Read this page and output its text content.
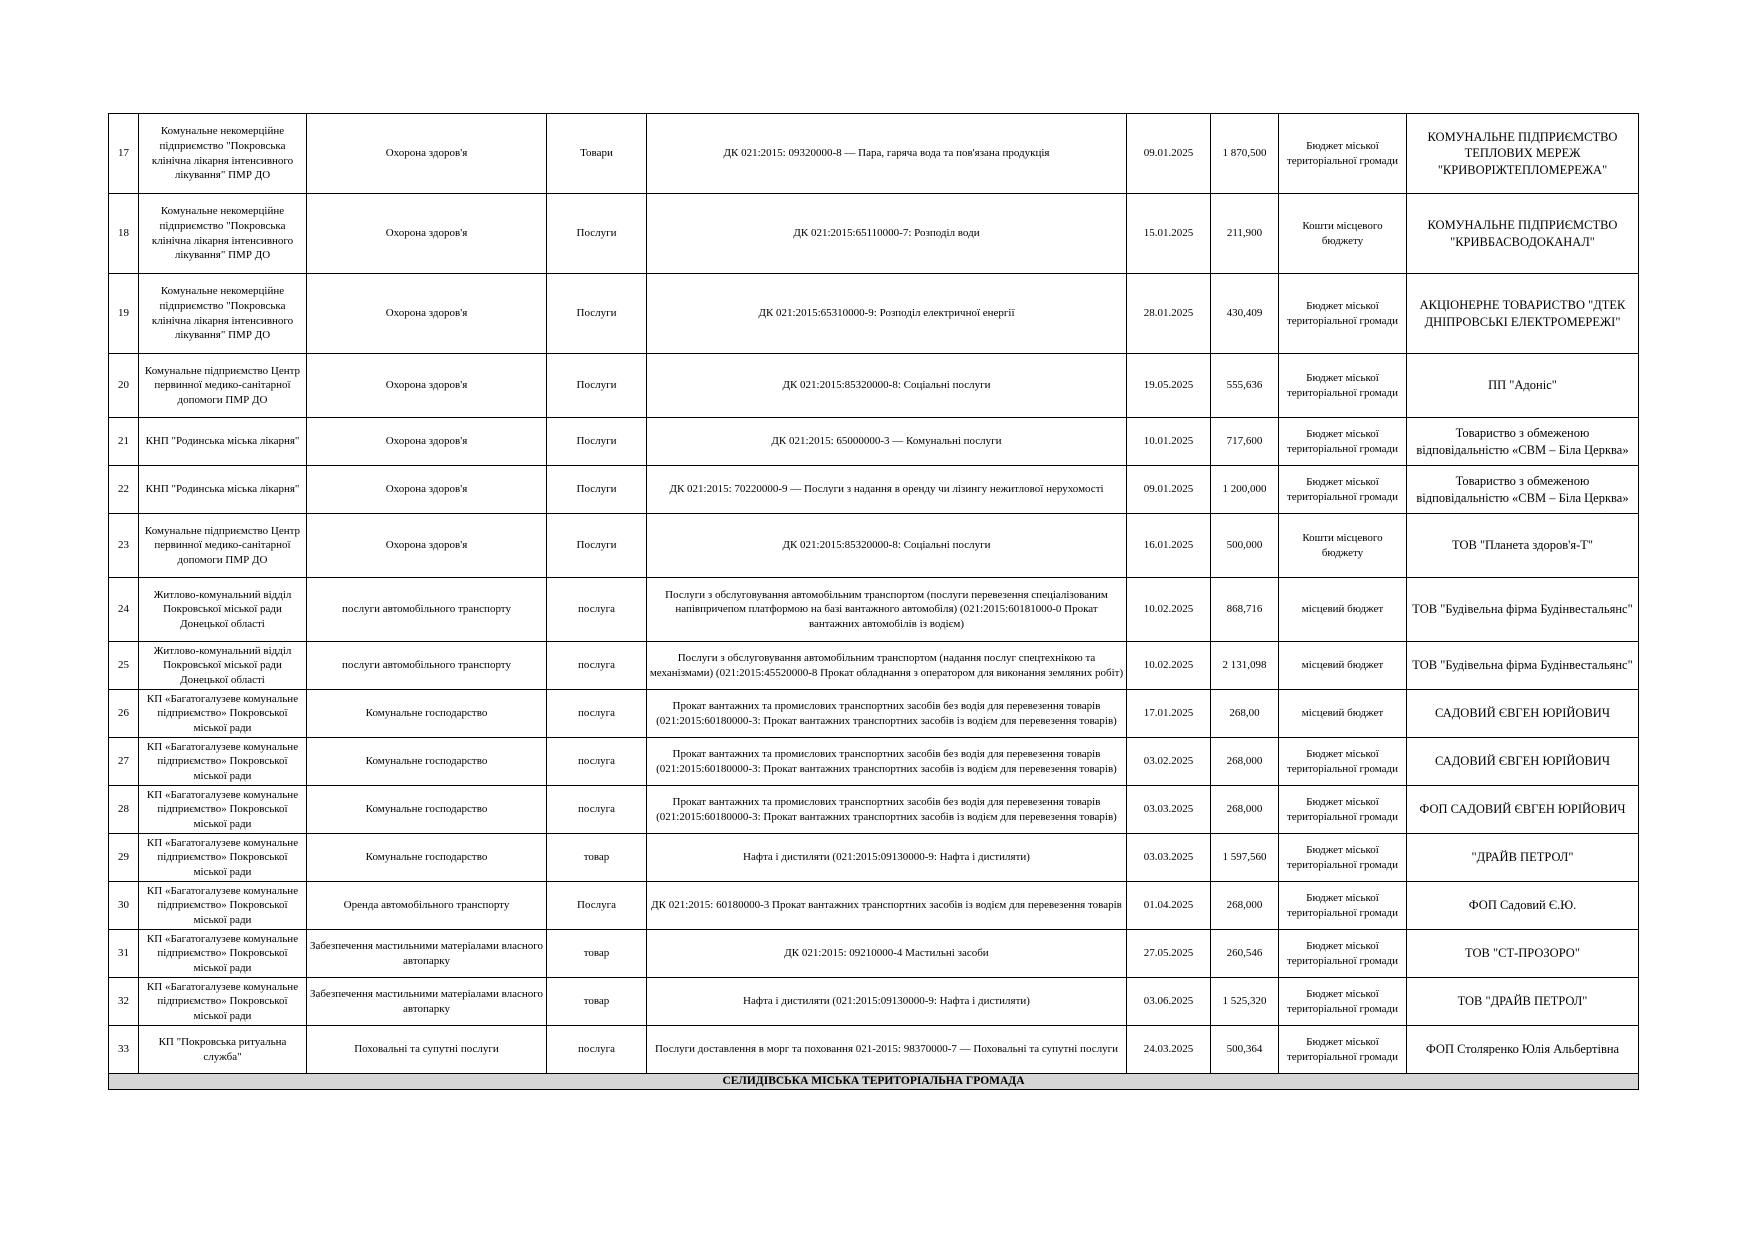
17	Комунальне некомерційне підприємство "Покровська клінічна лікарня інтенсивного лікування" ПМР ДО	Охорона здоров'я	Товари	ДК 021:2015: 09320000-8 — Пара, гаряча вода та пов'язана продукція	09.01.2025	1 870,500	Бюджет міської територіальної громади	КОМУНАЛЬНЕ ПІДПРИЄМСТВО ТЕПЛОВИХ МЕРЕЖ "КРИВОРІЖТЕПЛОМЕРЕЖА"
18	Комунальне некомерційне підприємство "Покровська клінічна лікарня інтенсивного лікування" ПМР ДО	Охорона здоров'я	Послуги	ДК 021:2015:65110000-7: Розподіл води	15.01.2025	211,900	Кошти місцевого бюджету	КОМУНАЛЬНЕ ПІДПРИЄМСТВО "КРИВБАСВОДОКАНАЛ"
19	Комунальне некомерційне підприємство "Покровська клінічна лікарня інтенсивного лікування" ПМР ДО	Охорона здоров'я	Послуги	ДК 021:2015:65310000-9: Розподіл електричної енергії	28.01.2025	430,409	Бюджет міської територіальної громади	АКЦІОНЕРНЕ ТОВАРИСТВО "ДТЕК ДНІПРОВСЬКІ ЕЛЕКТРОМЕРЕЖІ"
20	Комунальне підприємство Центр первинної медико-санітарної допомоги ПМР ДО	Охорона здоров'я	Послуги	ДК 021:2015:85320000-8: Соціальні послуги	19.05.2025	555,636	Бюджет міської територіальної громади	ПП "Адоніс"
21	КНП "Родинська міська лікарня"	Охорона здоров'я	Послуги	ДК 021:2015: 65000000-3 — Комунальні послуги	10.01.2025	717,600	Бюджет міської територіальної громади	Товариство з обмеженою відповідальністю «СВМ – Біла Церква»
22	КНП "Родинська міська лікарня"	Охорона здоров'я	Послуги	ДК 021:2015: 70220000-9 — Послуги з надання в оренду чи лізингу нежитлової нерухомості	09.01.2025	1 200,000	Бюджет міської територіальної громади	Товариство з обмеженою відповідальністю «СВМ – Біла Церква»
23	Комунальне підприємство Центр первинної медико-санітарної допомоги ПМР ДО	Охорона здоров'я	Послуги	ДК 021:2015:85320000-8: Соціальні послуги	16.01.2025	500,000	Кошти місцевого бюджету	ТОВ "Планета здоров'я-Т"
24	Житлово-комунальний відділ Покровської міської ради Донецької області	послуги автомобільного транспорту	послуга	Послуги з обслуговування автомобільним транспортом (послуги перевезення спеціалізованим напівпричепом платформою на базі вантажного автомобіля) (021:2015:60181000-0 Прокат вантажних автомобілів із водієм)	10.02.2025	868,716	місцевий бюджет	ТОВ "Будівельна фірма Будінвестальянс"
25	Житлово-комунальний відділ Покровської міської ради Донецької області	послуги автомобільного транспорту	послуга	Послуги з обслуговування автомобільним транспортом (надання послуг спецтехнікою та механізмами) (021:2015:45520000-8 Прокат обладнання з оператором для виконання земляних робіт)	10.02.2025	2 131,098	місцевий бюджет	ТОВ "Будівельна фірма Будінвестальянс"
26	КП «Багатогалузеве комунальне підприємство» Покровської міської ради	Комунальне господарство	послуга	Прокат вантажних та промислових транспортних засобів без водія для перевезення товарів (021:2015:60180000-3: Прокат вантажних транспортних засобів із водієм для перевезення товарів)	17.01.2025	268,00	місцевий бюджет	САДОВИЙ ЄВГЕН ЮРІЙОВИЧ
27	КП «Багатогалузеве комунальне підприємство» Покровської міської ради	Комунальне господарство	послуга	Прокат вантажних та промислових транспортних засобів без водія для перевезення товарів (021:2015:60180000-3: Прокат вантажних транспортних засобів із водієм для перевезення товарів)	03.02.2025	268,000	Бюджет міської територіальної громади	САДОВИЙ ЄВГЕН ЮРІЙОВИЧ
28	КП «Багатогалузеве комунальне підприємство» Покровської міської ради	Комунальне господарство	послуга	Прокат вантажних та промислових транспортних засобів без водія для перевезення товарів (021:2015:60180000-3: Прокат вантажних транспортних засобів із водієм для перевезення товарів)	03.03.2025	268,000	Бюджет міської територіальної громади	ФОП САДОВИЙ ЄВГЕН ЮРІЙОВИЧ
29	КП «Багатогалузеве комунальне підприємство» Покровської міської ради	Комунальне господарство	товар	Нафта і дистиляти (021:2015:09130000-9: Нафта і дистиляти)	03.03.2025	1 597,560	Бюджет міської територіальної громади	"ДРАЙВ ПЕТРОЛ"
30	КП «Багатогалузеве комунальне підприємство» Покровської міської ради	Оренда автомобільного транспорту	Послуга	ДК 021:2015: 60180000-3 Прокат вантажних транспортних засобів із водієм для перевезення товарів	01.04.2025	268,000	Бюджет міської територіальної громади	ФОП Садовий Є.Ю.
31	КП «Багатогалузеве комунальне підприємство» Покровської міської ради	Забезпечення мастильними матеріалами власного автопарку	товар	ДК 021:2015: 09210000-4 Мастильні засоби	27.05.2025	260,546	Бюджет міської територіальної громади	ТОВ "СТ-ПРОЗОРО"
32	КП «Багатогалузеве комунальне підприємство» Покровської міської ради	Забезпечення мастильними матеріалами власного автопарку	товар	Нафта і дистиляти (021:2015:09130000-9: Нафта і дистиляти)	03.06.2025	1 525,320	Бюджет міської територіальної громади	ТОВ "ДРАЙВ ПЕТРОЛ"
33	КП "Покровська ритуальна служба"	Поховальні та супутні послуги	послуга	Послуги доставлення в морг та поховання 021-2015: 98370000-7 — Поховальні та супутні послуги	24.03.2025	500,364	Бюджет міської територіальної громади	ФОП Столяренко Юлія Альбертівна
СЕЛИДІВСЬКА МІСЬКА ТЕРИТОРІАЛЬНА ГРОМАДА								
